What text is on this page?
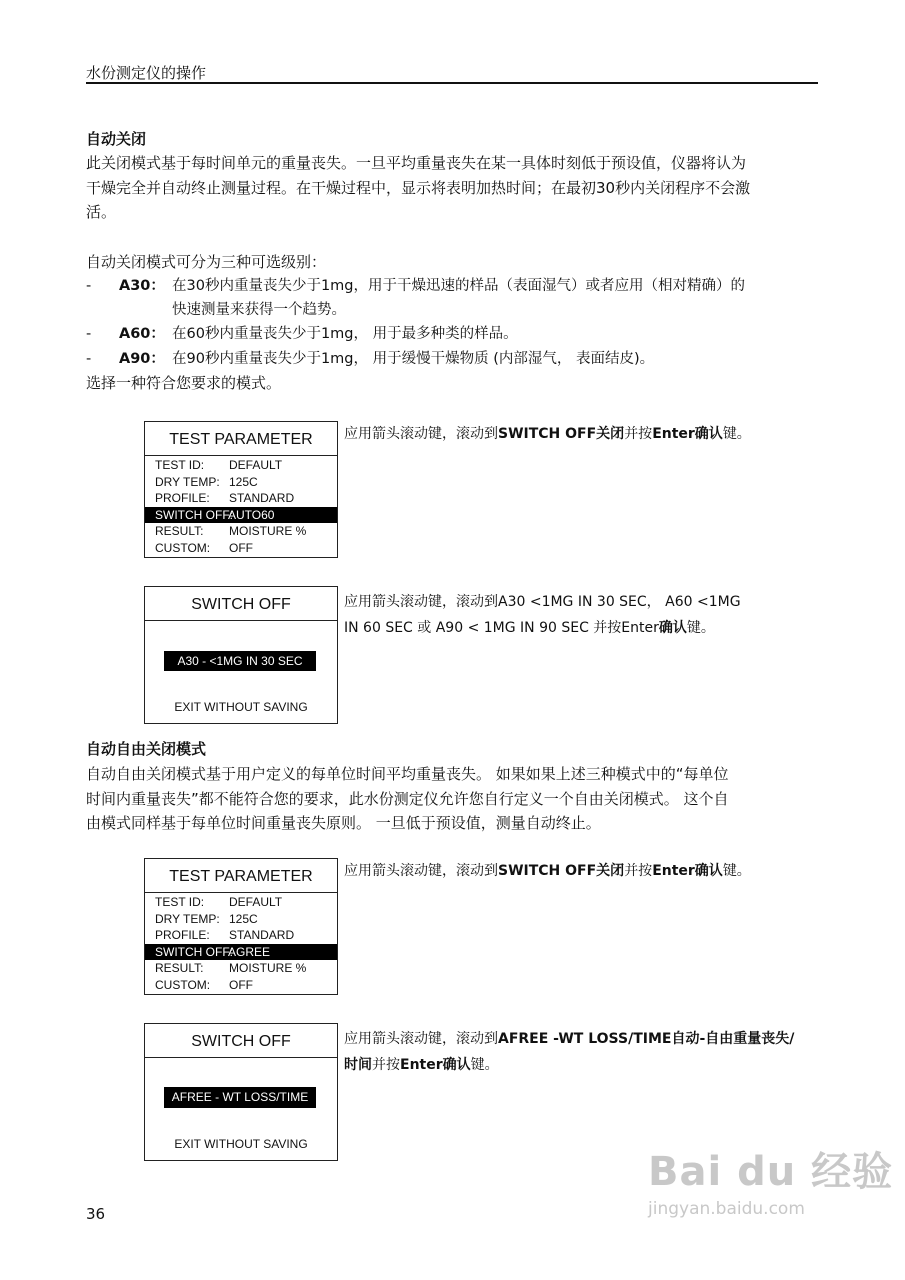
水份测定仪的操作
自动关闭
此关闭模式基于每时间单元的重量丧失。一旦平均重量丧失在某一具体时刻低于预设值，仪器将认为
干燥完全并自动终止测量过程。在干燥过程中，显示将表明加热时间；在最初30秒内关闭程序不会激
活。
自动关闭模式可分为三种可选级别：
- A30： 在30秒内重量丧失少于1mg，用于干燥迅速的样品（表面湿气）或者应用（相对精确）的
快速测量来获得一个趋势。
- A60： 在60秒内重量丧失少于1mg， 用于最多种类的样品。
- A90： 在90秒内重量丧失少于1mg， 用于缓慢干燥物质 (内部湿气， 表面结皮)。
选择一种符合您要求的模式。
TEST PARAMETER
TEST ID: DEFAULT
DRY TEMP: 125C
PROFILE: STANDARD
SWITCH OFF:
AUTO60
RESULT: MOISTURE %
CUSTOM: OFF
应用箭头滚动键，滚动到SWITCH OFF关闭并按Enter确认键。
SWITCH OFF
A30 - <1MG IN 30 SEC
EXIT WITHOUT SAVING
应用箭头滚动键，滚动到A30 <1MG IN 30 SEC， A60 <1MG
IN 60 SEC 或 A90 < 1MG IN 90 SEC 并按Enter确认键。
自动自由关闭模式
自动自由关闭模式基于用户定义的每单位时间平均重量丧失。 如果如果上述三种模式中的“每单位
时间内重量丧失”都不能符合您的要求，此水份测定仪允许您自行定义一个自由关闭模式。 这个自
由模式同样基于每单位时间重量丧失原则。 一旦低于预设值，测量自动终止。
TEST PARAMETER
TEST ID: DEFAULT
DRY TEMP: 125C
PROFILE: STANDARD
SWITCH OFF:
AGREE
RESULT: MOISTURE %
CUSTOM: OFF
应用箭头滚动键，滚动到SWITCH OFF关闭并按Enter确认键。
SWITCH OFF
AFREE - WT LOSS/TIME
EXIT WITHOUT SAVING
应用箭头滚动键，滚动到AFREE -WT LOSS/TIME自动-自由重量丧失/
时间并按Enter确认键。
36
Bai du 经验
jingyan.baidu.com
